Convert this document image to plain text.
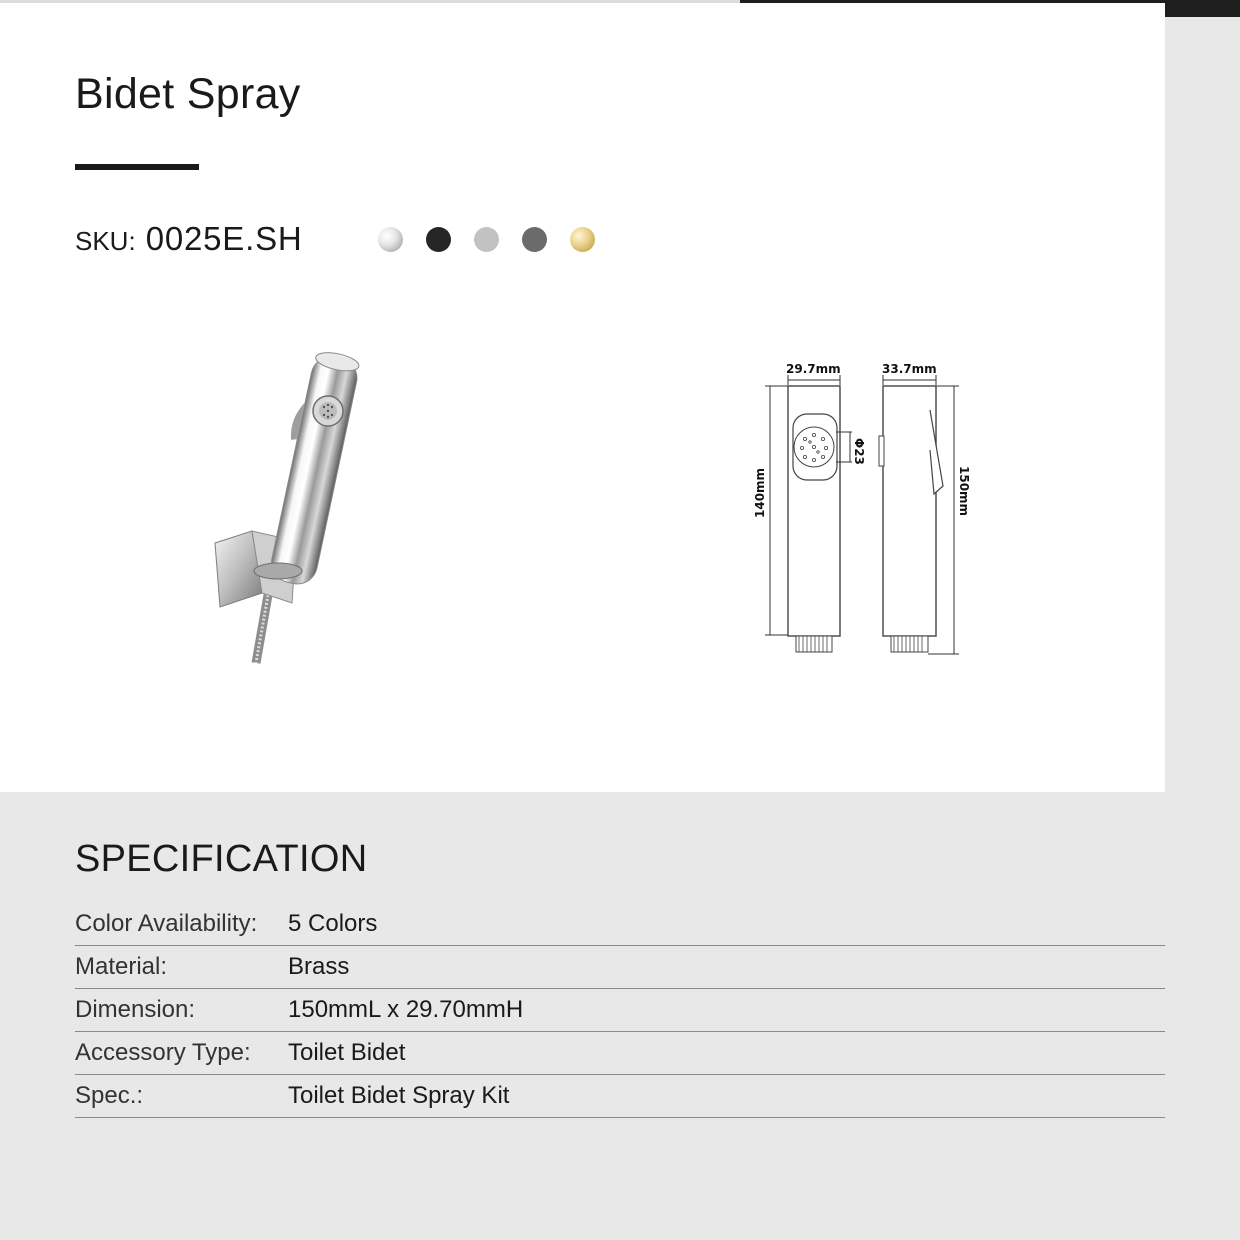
Bidet Spray
SKU: 0025E.SH
29.7mm	33.7mm
140mm
Φ23
150mm
SPECIFICATION
Color Availability:	5 Colors
Material:	Brass
Dimension:	150mmL x 29.70mmH
Accessory Type:	Toilet Bidet
Spec.:	Toilet Bidet Spray Kit
